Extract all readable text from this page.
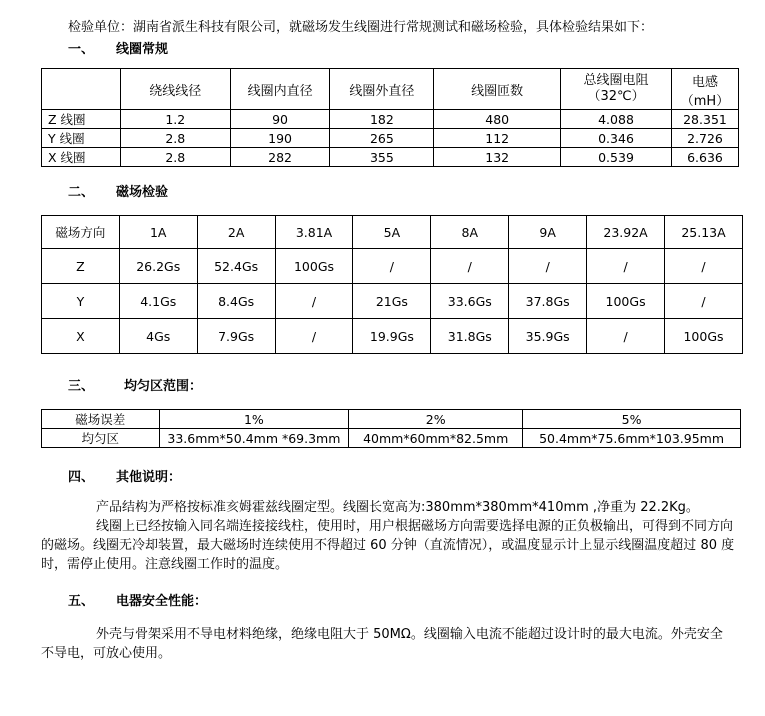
检验单位：湖南省派生科技有限公司，就磁场发生线圈进行常规测试和磁场检验，具体检验结果如下：
一、 线圈常规
	绕线线径	线圈内直径	线圈外直径	线圈匝数	总线圈电阻（32℃）	电感（mH）
Z 线圈	1.2	90	182	480	4.088	28.351
Y 线圈	2.8	190	265	112	0.346	2.726
X 线圈	2.8	282	355	132	0.539	6.636
二、 磁场检验
磁场方向	1A	2A	3.81A	5A	8A	9A	23.92A	25.13A
Z	26.2Gs	52.4Gs	100Gs	/	/	/	/	/
Y	4.1Gs	8.4Gs	/	21Gs	33.6Gs	37.8Gs	100Gs	/
X	4Gs	7.9Gs	/	19.9Gs	31.8Gs	35.9Gs	/	100Gs
三、 均匀区范围：
磁场误差	1%	2%	5%
均匀区	33.6mm*50.4mm *69.3mm	40mm*60mm*82.5mm	50.4mm*75.6mm*103.95mm
四、 其他说明：
产品结构为严格按标准亥姆霍兹线圈定型。线圈长宽高为:380mm*380mm*410mm ,净重为 22.2Kg。
线圈上已经按输入同名端连接接线柱，使用时，用户根据磁场方向需要选择电源的正负极输出，可得到不同方向的磁场。线圈无冷却装置，最大磁场时连续使用不得超过 60 分钟（直流情况），或温度显示计上显示线圈温度超过 80 度时，需停止使用。注意线圈工作时的温度。
五、 电器安全性能：
外壳与骨架采用不导电材料绝缘，绝缘电阻大于 50MΩ。线圈输入电流不能超过设计时的最大电流。外壳安全不导电，可放心使用。
